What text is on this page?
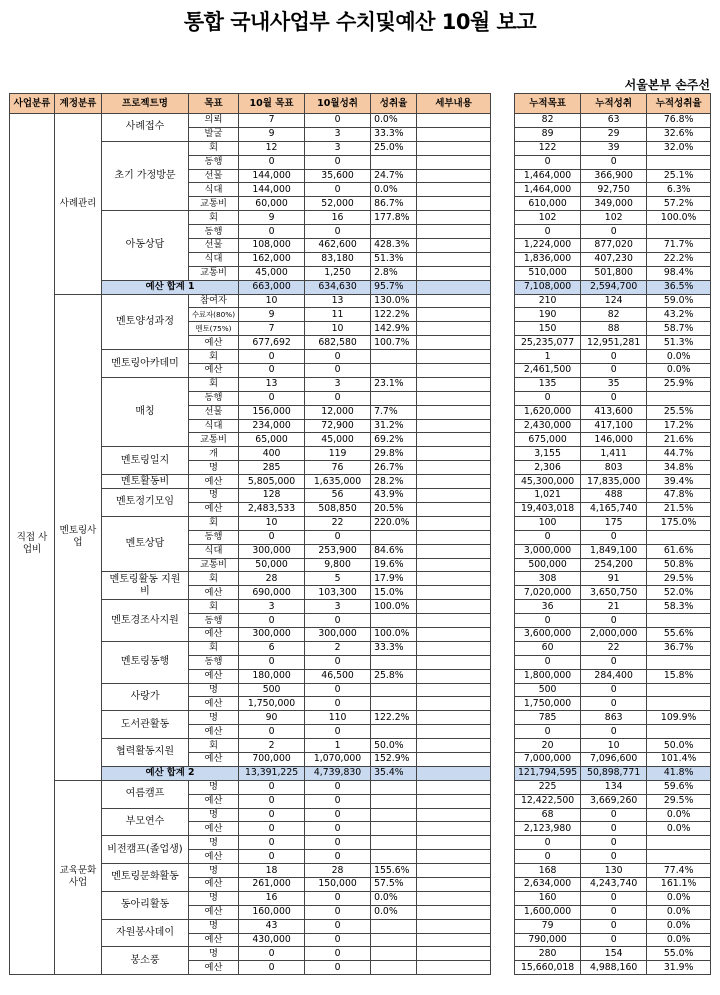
통합 국내사업부 수치및예산 10월 보고
서울본부 손주선
사업분류	계정분류	프로젝트명	목표	10월 목표	10월성취	성취율	세부내용
직접 사업비	사례관리	사례접수	의뢰	7	0	0.0%	
			발굴	9	3	33.3%	
		초기 가정방문	회	12	3	25.0%	
			동행	0	0		
			선물	144,000	35,600	24.7%	
			식대	144,000	0	0.0%	
			교통비	60,000	52,000	86.7%	
		아동상담	회	9	16	177.8%	
			동행	0	0		
			선물	108,000	462,600	428.3%	
			식대	162,000	83,180	51.3%	
			교통비	45,000	1,250	2.8%	
		예산 합계 1		663,000	634,630	95.7%	
	멘토링사업	멘토양성과정	참여자	10	13	130.0%	
			수료자(80%)	9	11	122.2%	
			멘토(75%)	7	10	142.9%	
			예산	677,692	682,580	100.7%	
		멘토링아카데미	회	0	0		
			예산	0	0		
		매칭	회	13	3	23.1%	
			동행	0	0		
			선물	156,000	12,000	7.7%	
			식대	234,000	72,900	31.2%	
			교통비	65,000	45,000	69.2%	
		멘토링일지	개	400	119	29.8%	
			명	285	76	26.7%	
		멘토활동비	예산	5,805,000	1,635,000	28.2%	
		멘토정기모임	명	128	56	43.9%	
			예산	2,483,533	508,850	20.5%	
		멘토상담	회	10	22	220.0%	
			동행	0	0		
			식대	300,000	253,900	84.6%	
			교통비	50,000	9,800	19.6%	
		멘토링활동 지원비	회	28	5	17.9%	
			예산	690,000	103,300	15.0%	
		멘토경조사지원	회	3	3	100.0%	
			동행	0	0		
			예산	300,000	300,000	100.0%	
		멘토링동행	회	6	2	33.3%	
			동행	0	0		
			예산	180,000	46,500	25.8%	
		사랑가	명	500	0		
			예산	1,750,000	0		
		도서관활동	명	90	110	122.2%	
			예산	0	0		
		협력활동지원	회	2	1	50.0%	
			예산	700,000	1,070,000	152.9%	
		예산 합계 2		13,391,225	4,739,830	35.4%	
	교육문화 사업	여름캠프	명	0	0		
			예산	0	0		
		부모연수	명	0	0		
			예산	0	0		
		비전캠프(졸업생)	명	0	0		
			예산	0	0		
		멘토링문화활동	명	18	28	155.6%	
			예산	261,000	150,000	57.5%	
		동아리활동	명	16	0	0.0%	
			예산	160,000	0	0.0%	
		자원봉사데이	명	43	0		
			예산	430,000	0		
		봉소풍	명	0	0		
			예산	0	0		
누적목표	누적성취	누적성취율
82	63	76.8%
89	29	32.6%
122	39	32.0%
0	0	
1,464,000	366,900	25.1%
1,464,000	92,750	6.3%
610,000	349,000	57.2%
102	102	100.0%
0	0	
1,224,000	877,020	71.7%
1,836,000	407,230	22.2%
510,000	501,800	98.4%
7,108,000	2,594,700	36.5%
210	124	59.0%
190	82	43.2%
150	88	58.7%
25,235,077	12,951,281	51.3%
1	0	0.0%
2,461,500	0	0.0%
135	35	25.9%
0	0	
1,620,000	413,600	25.5%
2,430,000	417,100	17.2%
675,000	146,000	21.6%
3,155	1,411	44.7%
2,306	803	34.8%
45,300,000	17,835,000	39.4%
1,021	488	47.8%
19,403,018	4,165,740	21.5%
100	175	175.0%
0	0	
3,000,000	1,849,100	61.6%
500,000	254,200	50.8%
308	91	29.5%
7,020,000	3,650,750	52.0%
36	21	58.3%
0	0	
3,600,000	2,000,000	55.6%
60	22	36.7%
0	0	
1,800,000	284,400	15.8%
500	0	
1,750,000	0	
785	863	109.9%
0	0	
20	10	50.0%
7,000,000	7,096,600	101.4%
121,794,595	50,898,771	41.8%
225	134	59.6%
12,422,500	3,669,260	29.5%
68	0	0.0%
2,123,980	0	0.0%
0	0	
0	0	
168	130	77.4%
2,634,000	4,243,740	161.1%
160	0	0.0%
1,600,000	0	0.0%
79	0	0.0%
790,000	0	0.0%
280	154	55.0%
15,660,018	4,988,160	31.9%
